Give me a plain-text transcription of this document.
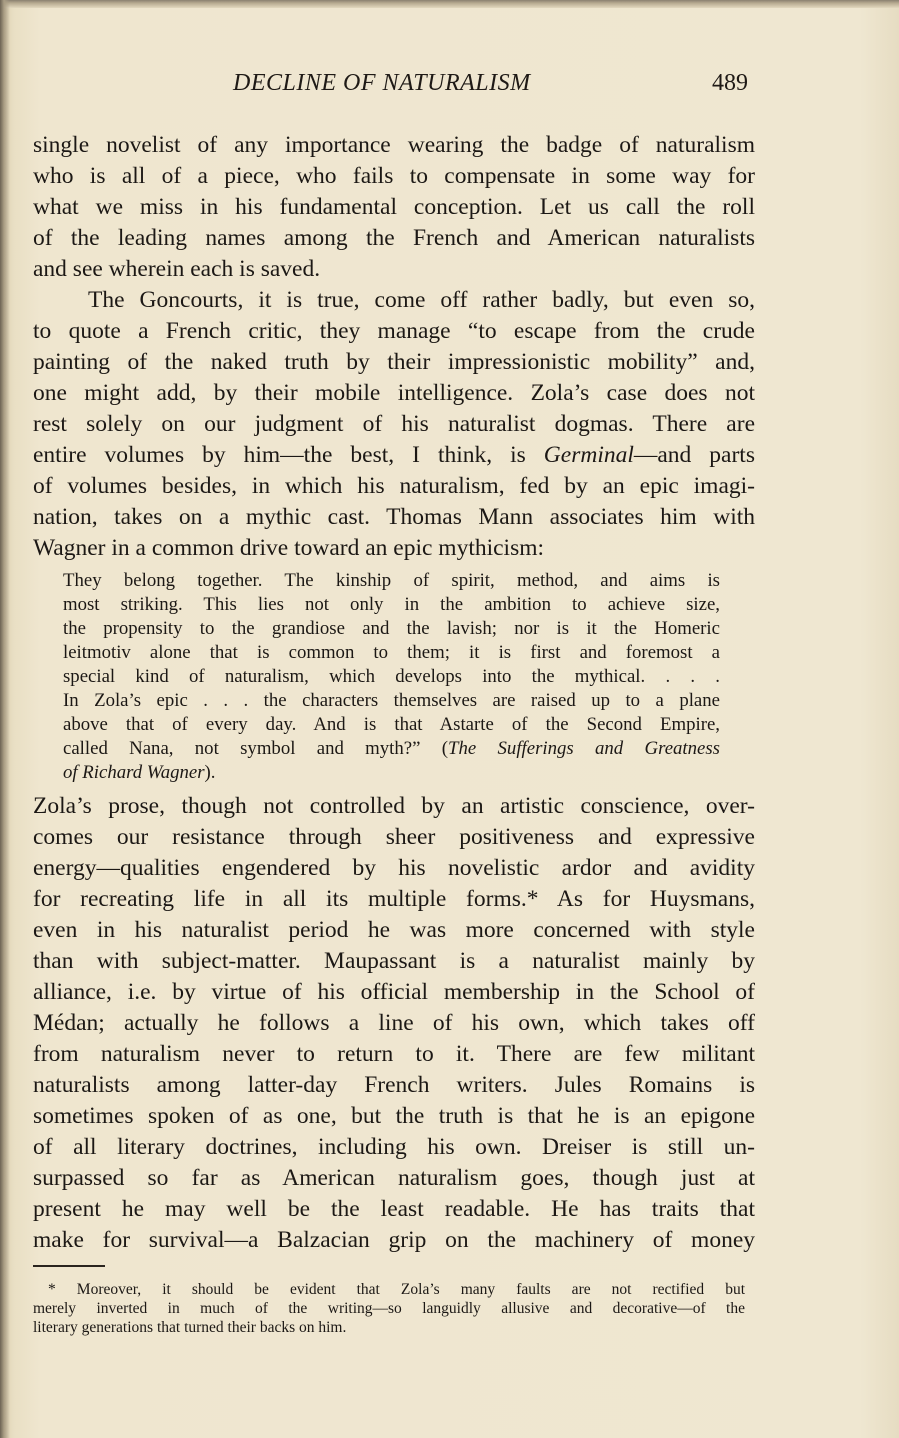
DECLINE OF NATURALISM	489
single novelist of any importance wearing the badge of naturalism
who is all of a piece, who fails to compensate in some way for
what we miss in his fundamental conception. Let us call the roll
of the leading names among the French and American naturalists
and see wherein each is saved.
The Goncourts, it is true, come off rather badly, but even so,
to quote a French critic, they manage “to escape from the crude
painting of the naked truth by their impressionistic mobility” and,
one might add, by their mobile intelligence. Zola’s case does not
rest solely on our judgment of his naturalist dogmas. There are
entire volumes by him—the best, I think, is Germinal—and parts
of volumes besides, in which his naturalism, fed by an epic imagi-
nation, takes on a mythic cast. Thomas Mann associates him with
Wagner in a common drive toward an epic mythicism:
They belong together. The kinship of spirit, method, and aims is
most striking. This lies not only in the ambition to achieve size,
the propensity to the grandiose and the lavish; nor is it the Homeric
leitmotiv alone that is common to them; it is first and foremost a
special kind of naturalism, which develops into the mythical. . . .
In Zola’s epic . . . the characters themselves are raised up to a plane
above that of every day. And is that Astarte of the Second Empire,
called Nana, not symbol and myth?” (The Sufferings and Greatness
of Richard Wagner).
Zola’s prose, though not controlled by an artistic conscience, over-
comes our resistance through sheer positiveness and expressive
energy—qualities engendered by his novelistic ardor and avidity
for recreating life in all its multiple forms.* As for Huysmans,
even in his naturalist period he was more concerned with style
than with subject-matter. Maupassant is a naturalist mainly by
alliance, i.e. by virtue of his official membership in the School of
Médan; actually he follows a line of his own, which takes off
from naturalism never to return to it. There are few militant
naturalists among latter-day French writers. Jules Romains is
sometimes spoken of as one, but the truth is that he is an epigone
of all literary doctrines, including his own. Dreiser is still un-
surpassed so far as American naturalism goes, though just at
present he may well be the least readable. He has traits that
make for survival—a Balzacian grip on the machinery of money
* Moreover, it should be evident that Zola’s many faults are not rectified but
merely inverted in much of the writing—so languidly allusive and decorative—of the
literary generations that turned their backs on him.
